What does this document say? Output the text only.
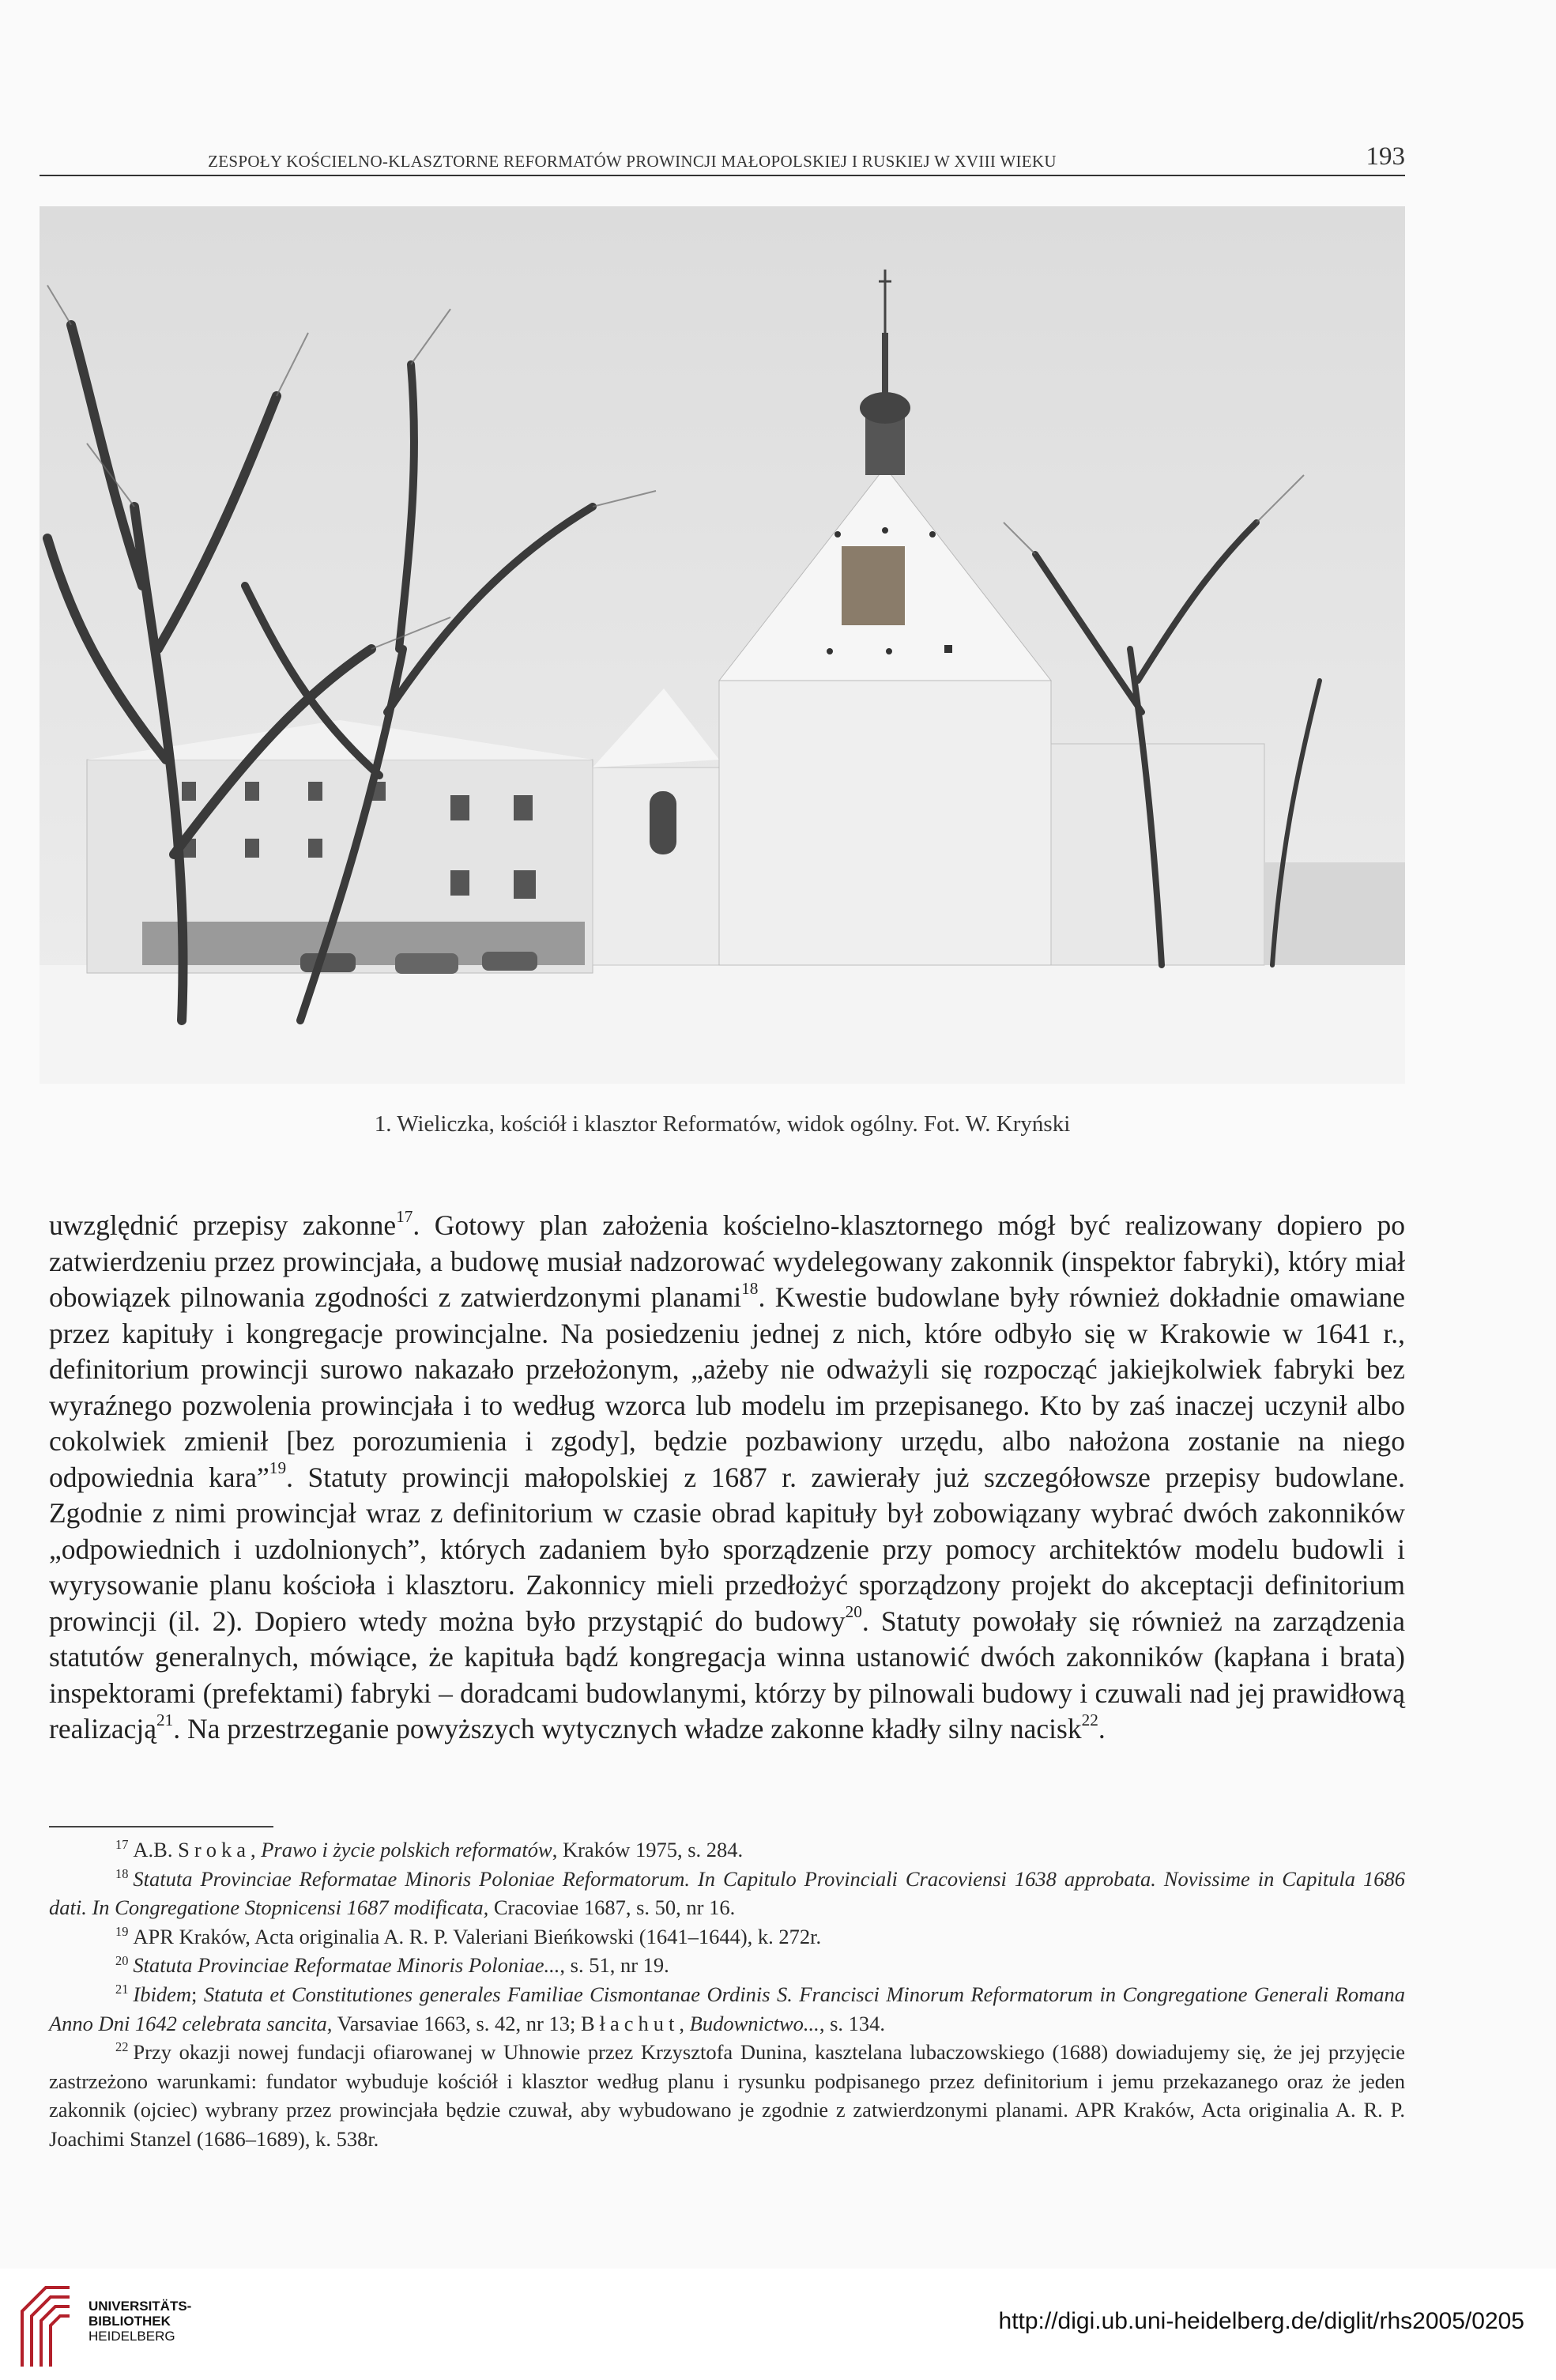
ZESPOŁY KOŚCIELNO-KLASZTORNE REFORMATÓW PROWINCJI MAŁOPOLSKIEJ I RUSKIEJ W XVIII WIEKU	193
1. Wieliczka, kościół i klasztor Reformatów, widok ogólny. Fot. W. Kryński

uwzględnić przepisy zakonne$^{17}$. Gotowy plan założenia kościelno-klasztornego mógł być realizowany dopiero po zatwierdzeniu przez prowincjała, a budowę musiał nadzorować wydelegowany zakonnik (inspektor fabryki), który miał obowiązek pilnowania zgodności z zatwierdzonymi planami$^{18}$. Kwestie budowlane były również dokładnie omawiane przez kapituły i kongregacje prowincjalne. Na posiedzeniu jednej z nich, które odbyło się w Krakowie w 1641 r., definitorium prowincji surowo nakazało przełożonym, „ażeby nie odważyli się rozpocząć jakiejkolwiek fabryki bez wyraźnego pozwolenia prowincjała i to według wzorca lub modelu im przepisanego. Kto by zaś inaczej uczynił albo cokolwiek zmienił [bez porozumienia i zgody], będzie pozbawiony urzędu, albo nałożona zostanie na niego odpowiednia kara”$^{19}$. Statuty prowincji małopolskiej z 1687 r. zawierały już szczegółowsze przepisy budowlane. Zgodnie z nimi prowincjał wraz z definitorium w czasie obrad kapituły był zobowiązany wybrać dwóch zakonników „odpowiednich i uzdolnionych”, których zadaniem było sporządzenie przy pomocy architektów modelu budowli i wyrysowanie planu kościoła i klasztoru. Zakonnicy mieli przedłożyć sporządzony projekt do akceptacji definitorium prowincji (il. 2). Dopiero wtedy można było przystąpić do budowy$^{20}$. Statuty powołały się również na zarządzenia statutów generalnych, mówiące, że kapituła bądź kongregacja winna ustanowić dwóch zakonników (kapłana i brata) inspektorami (prefektami) fabryki – doradcami budowlanymi, którzy by pilnowali budowy i czuwali nad jej prawidłową realizacją$^{21}$. Na przestrzeganie powyższych wytycznych władze zakonne kładły silny nacisk$^{22}$.

$^{17}$ A.B. Sroka, Prawo i życie polskich reformatów, Kraków 1975, s. 284.

$^{18}$ Statuta Provinciae Reformatae Minoris Poloniae Reformatorum. In Capitulo Provinciali Cracoviensi 1638 approbata. Novissime in Capitula 1686 dati. In Congregatione Stopnicensi 1687 modificata, Cracoviae 1687, s. 50, nr 16.

$^{19}$ APR Kraków, Acta originalia A. R. P. Valeriani Bieńkowski (1641–1644), k. 272r.

$^{20}$ Statuta Provinciae Reformatae Minoris Poloniae..., s. 51, nr 19.

$^{21}$ Ibidem; Statuta et Constitutiones generales Familiae Cismontanae Ordinis S. Francisci Minorum Reformatorum in Congregatione Generali Romana Anno Dni 1642 celebrata sancita, Varsaviae 1663, s. 42, nr 13; Błachut, Budownictwo..., s. 134.

$^{22}$ Przy okazji nowej fundacji ofiarowanej w Uhnowie przez Krzysztofa Dunina, kasztelana lubaczowskiego (1688) dowiadujemy się, że jej przyjęcie zastrzeżono warunkami: fundator wybuduje kościół i klasztor według planu i rysunku podpisanego przez definitorium i jemu przekazanego oraz że jeden zakonnik (ojciec) wybrany przez prowincjała będzie czuwał, aby wybudowano je zgodnie z zatwierdzonymi planami. APR Kraków, Acta originalia A. R. P. Joachimi Stanzel (1686–1689), k. 538r.

UNIVERSITÄTS-
BIBLIOTHEK
HEIDELBERG
http://digi.ub.uni-heidelberg.de/diglit/rhs2005/0205
